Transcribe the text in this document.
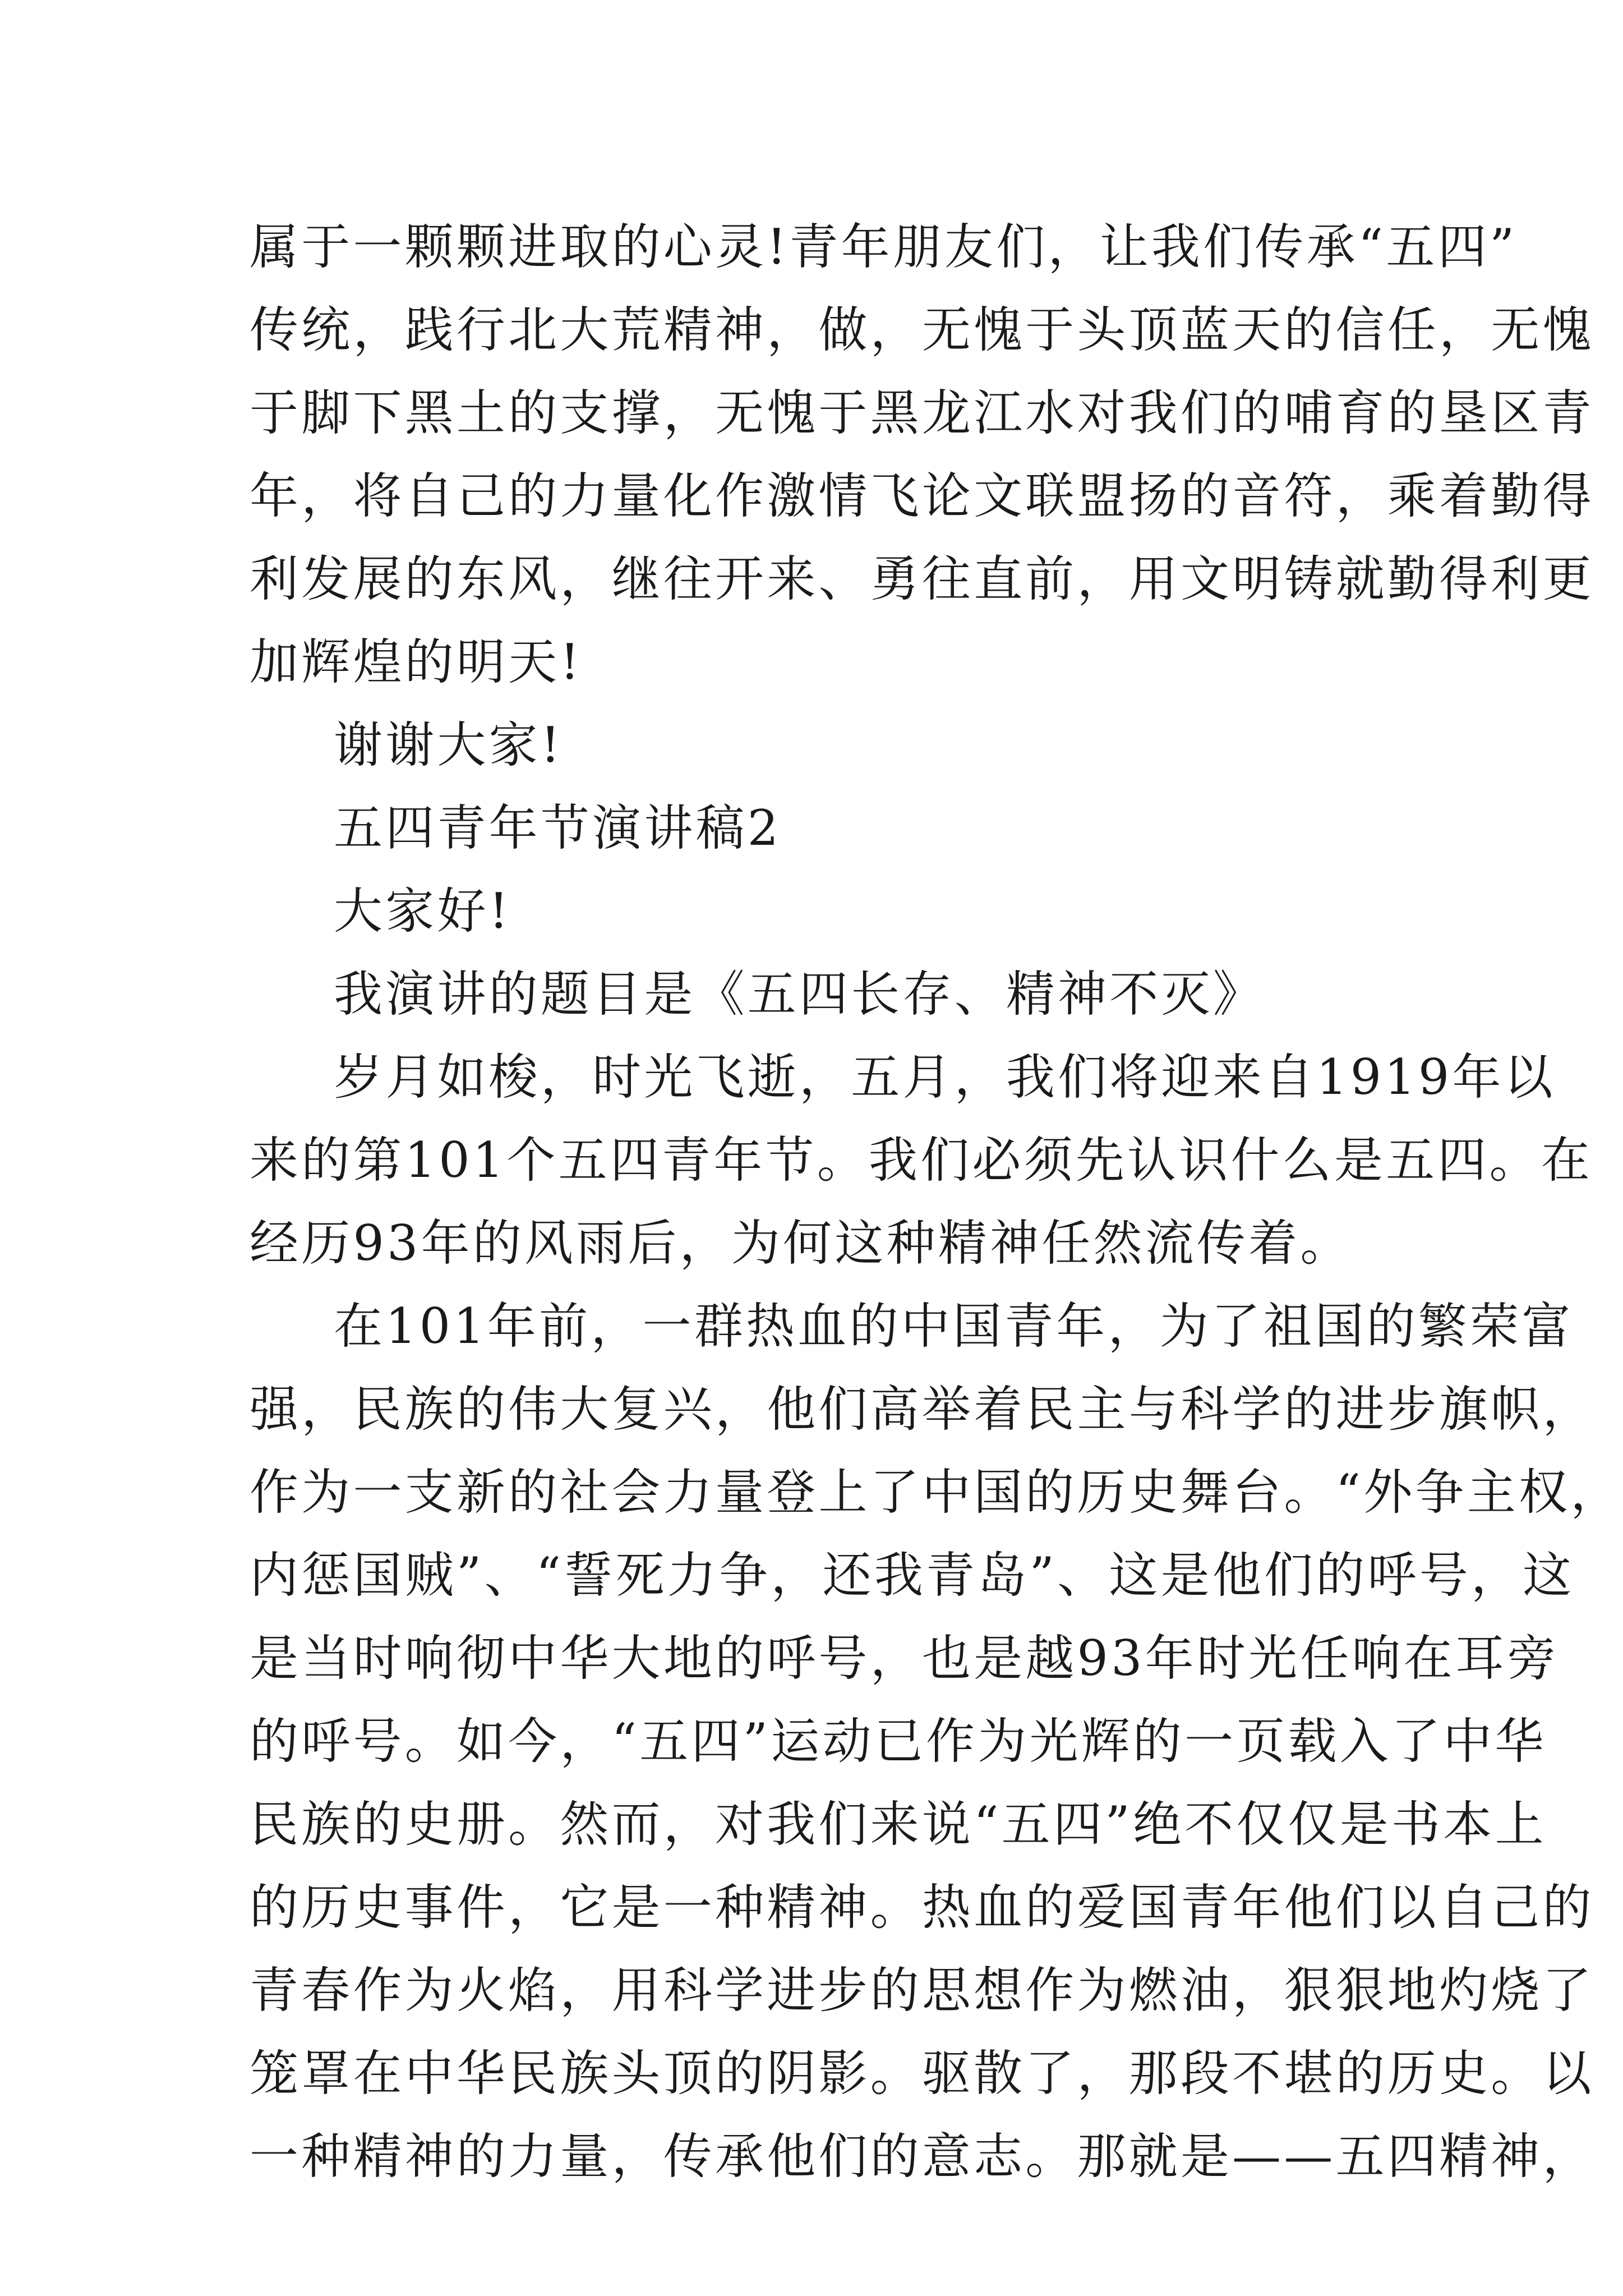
属于一颗颗进取的心灵!青年朋友们，让我们传承“五四”
传统，践行北大荒精神，做，无愧于头顶蓝天的信任，无愧
于脚下黑土的支撑，无愧于黑龙江水对我们的哺育的垦区青
年，将自己的力量化作激情飞论文联盟扬的音符，乘着勤得
利发展的东风，继往开来、勇往直前，用文明铸就勤得利更
加辉煌的明天!
谢谢大家!
五四青年节演讲稿2
大家好!
我演讲的题目是《五四长存、精神不灭》
岁月如梭，时光飞逝，五月，我们将迎来自1919年以
来的第101个五四青年节。我们必须先认识什么是五四。在
经历93年的风雨后，为何这种精神任然流传着。
在101年前，一群热血的中国青年，为了祖国的繁荣富
强，民族的伟大复兴，他们高举着民主与科学的进步旗帜，
作为一支新的社会力量登上了中国的历史舞台。“外争主权，
内惩国贼”、“誓死力争，还我青岛”、这是他们的呼号，这
是当时响彻中华大地的呼号，也是越93年时光任响在耳旁
的呼号。如今，“五四”运动已作为光辉的一页载入了中华
民族的史册。然而，对我们来说“五四”绝不仅仅是书本上
的历史事件，它是一种精神。热血的爱国青年他们以自己的
青春作为火焰，用科学进步的思想作为燃油，狠狠地灼烧了
笼罩在中华民族头顶的阴影。驱散了，那段不堪的历史。以
一种精神的力量，传承他们的意志。那就是——五四精神，
